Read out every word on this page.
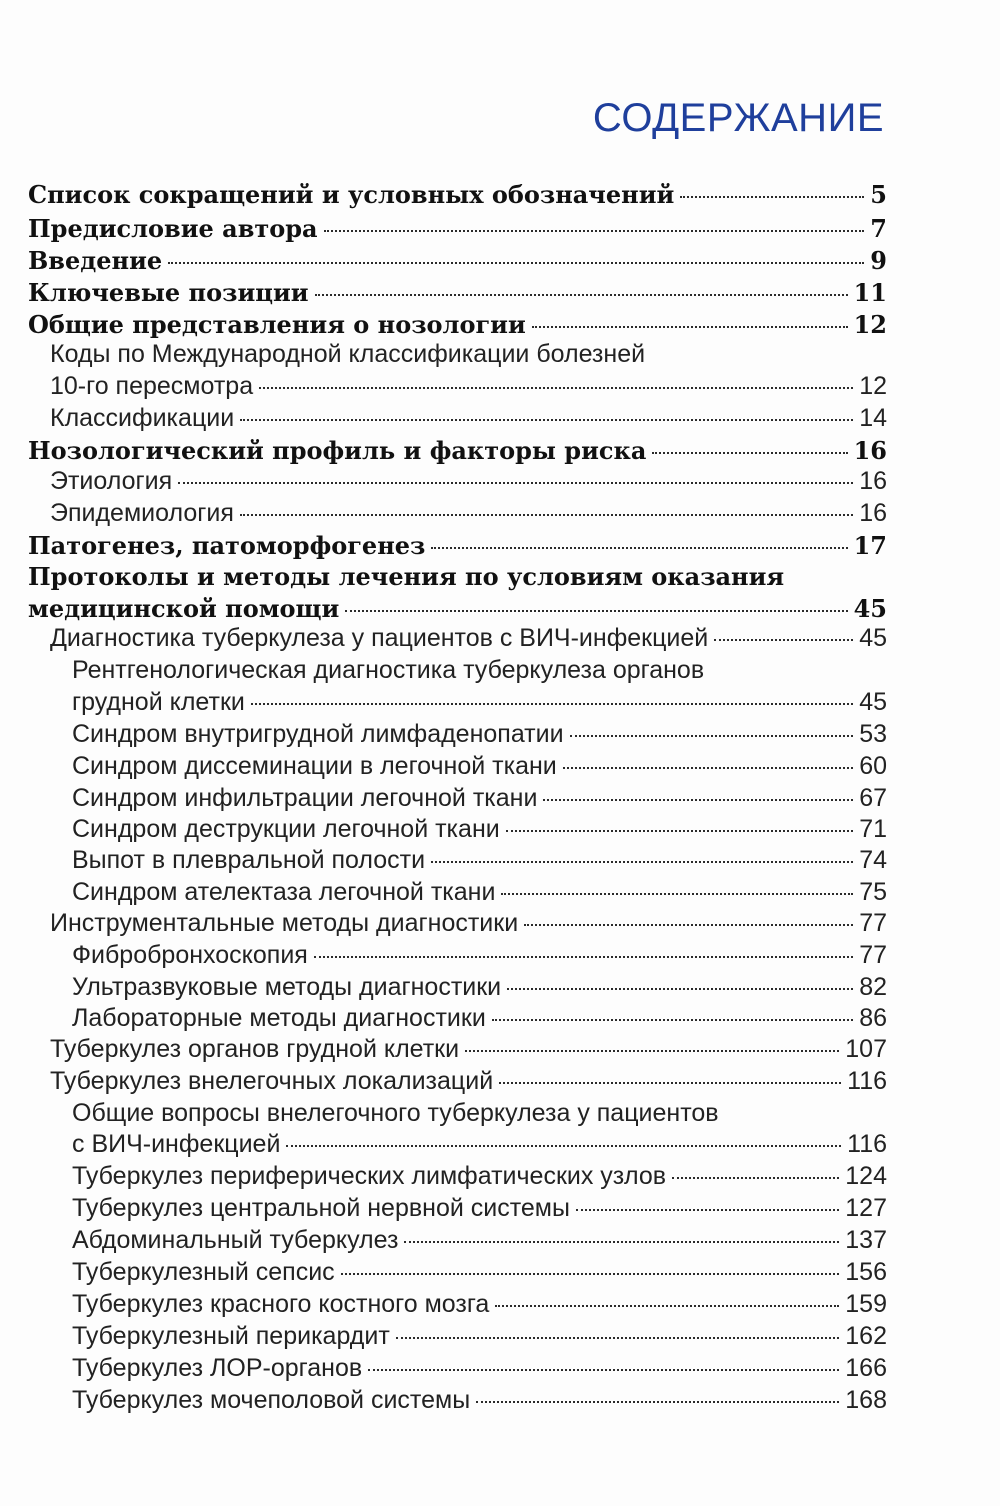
СОДЕРЖАНИЕ
Список сокращений и условных обозначений	5
Предисловие автора	7
Введение	9
Ключевые позиции	11
Общие представления о нозологии	12
Коды по Международной классификации болезней
10-го пересмотра	12
Классификации	14
Нозологический профиль и факторы риска	16
Этиология	16
Эпидемиология	16
Патогенез, патоморфогенез	17
Протоколы и методы лечения по условиям оказания
медицинской помощи	45
Диагностика туберкулеза у пациентов с ВИЧ-инфекцией	45
Рентгенологическая диагностика туберкулеза органов
грудной клетки	45
Синдром внутригрудной лимфаденопатии	53
Синдром диссеминации в легочной ткани	60
Синдром инфильтрации легочной ткани	67
Синдром деструкции легочной ткани	71
Выпот в плевральной полости	74
Синдром ателектаза легочной ткани	75
Инструментальные методы диагностики	77
Фибробронхоскопия	77
Ультразвуковые методы диагностики	82
Лабораторные методы диагностики	86
Туберкулез органов грудной клетки	107
Туберкулез внелегочных локализаций	116
Общие вопросы внелегочного туберкулеза у пациентов
с ВИЧ-инфекцией	116
Туберкулез периферических лимфатических узлов	124
Туберкулез центральной нервной системы	127
Абдоминальный туберкулез	137
Туберкулезный сепсис	156
Туберкулез красного костного мозга	159
Туберкулезный перикардит	162
Туберкулез ЛОР-органов	166
Туберкулез мочеполовой системы	168
